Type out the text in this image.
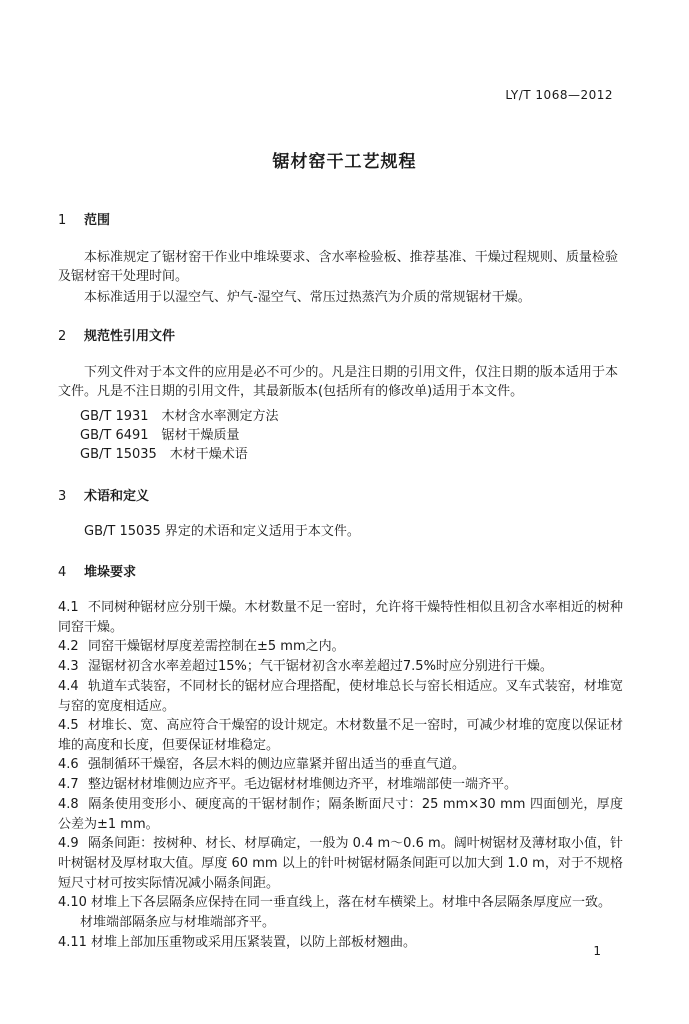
LY/T 1068—2012
锯材窑干工艺规程
1 范围
本标准规定了锯材窑干作业中堆垛要求、含水率检验板、推荐基准、干燥过程规则、质量检验及锯材窑干处理时间。
本标准适用于以湿空气、炉气-湿空气、常压过热蒸汽为介质的常规锯材干燥。
2 规范性引用文件
下列文件对于本文件的应用是必不可少的。凡是注日期的引用文件，仅注日期的版本适用于本文件。凡是不注日期的引用文件，其最新版本(包括所有的修改单)适用于本文件。
GB/T 1931　木材含水率测定方法
GB/T 6491　锯材干燥质量
GB/T 15035　木材干燥术语
3 术语和定义
GB/T 15035 界定的术语和定义适用于本文件。
4 堆垛要求
4.1 不同树种锯材应分别干燥。木材数量不足一窑时，允许将干燥特性相似且初含水率相近的树种同窑干燥。
4.2 同窑干燥锯材厚度差需控制在±5 mm之内。
4.3 湿锯材初含水率差超过15%；气干锯材初含水率差超过7.5%时应分别进行干燥。
4.4 轨道车式装窑，不同材长的锯材应合理搭配，使材堆总长与窑长相适应。叉车式装窑，材堆宽与窑的宽度相适应。
4.5 材堆长、宽、高应符合干燥窑的设计规定。木材数量不足一窑时，可减少材堆的宽度以保证材堆的高度和长度，但要保证材堆稳定。
4.6 强制循环干燥窑，各层木料的侧边应靠紧并留出适当的垂直气道。
4.7 整边锯材材堆侧边应齐平。毛边锯材材堆侧边齐平，材堆端部使一端齐平。
4.8 隔条使用变形小、硬度高的干锯材制作；隔条断面尺寸：25 mm×30 mm 四面刨光，厚度公差为±1 mm。
4.9 隔条间距：按树种、材长、材厚确定，一般为 0.4 m～0.6 m。阔叶树锯材及薄材取小值，针叶树锯材及厚材取大值。厚度 60 mm 以上的针叶树锯材隔条间距可以加大到 1.0 m，对于不规格短尺寸材可按实际情况减小隔条间距。
4.10 材堆上下各层隔条应保持在同一垂直线上，落在材车横梁上。材堆中各层隔条厚度应一致。
材堆端部隔条应与材堆端部齐平。
4.11 材堆上部加压重物或采用压紧装置，以防上部板材翘曲。
1
